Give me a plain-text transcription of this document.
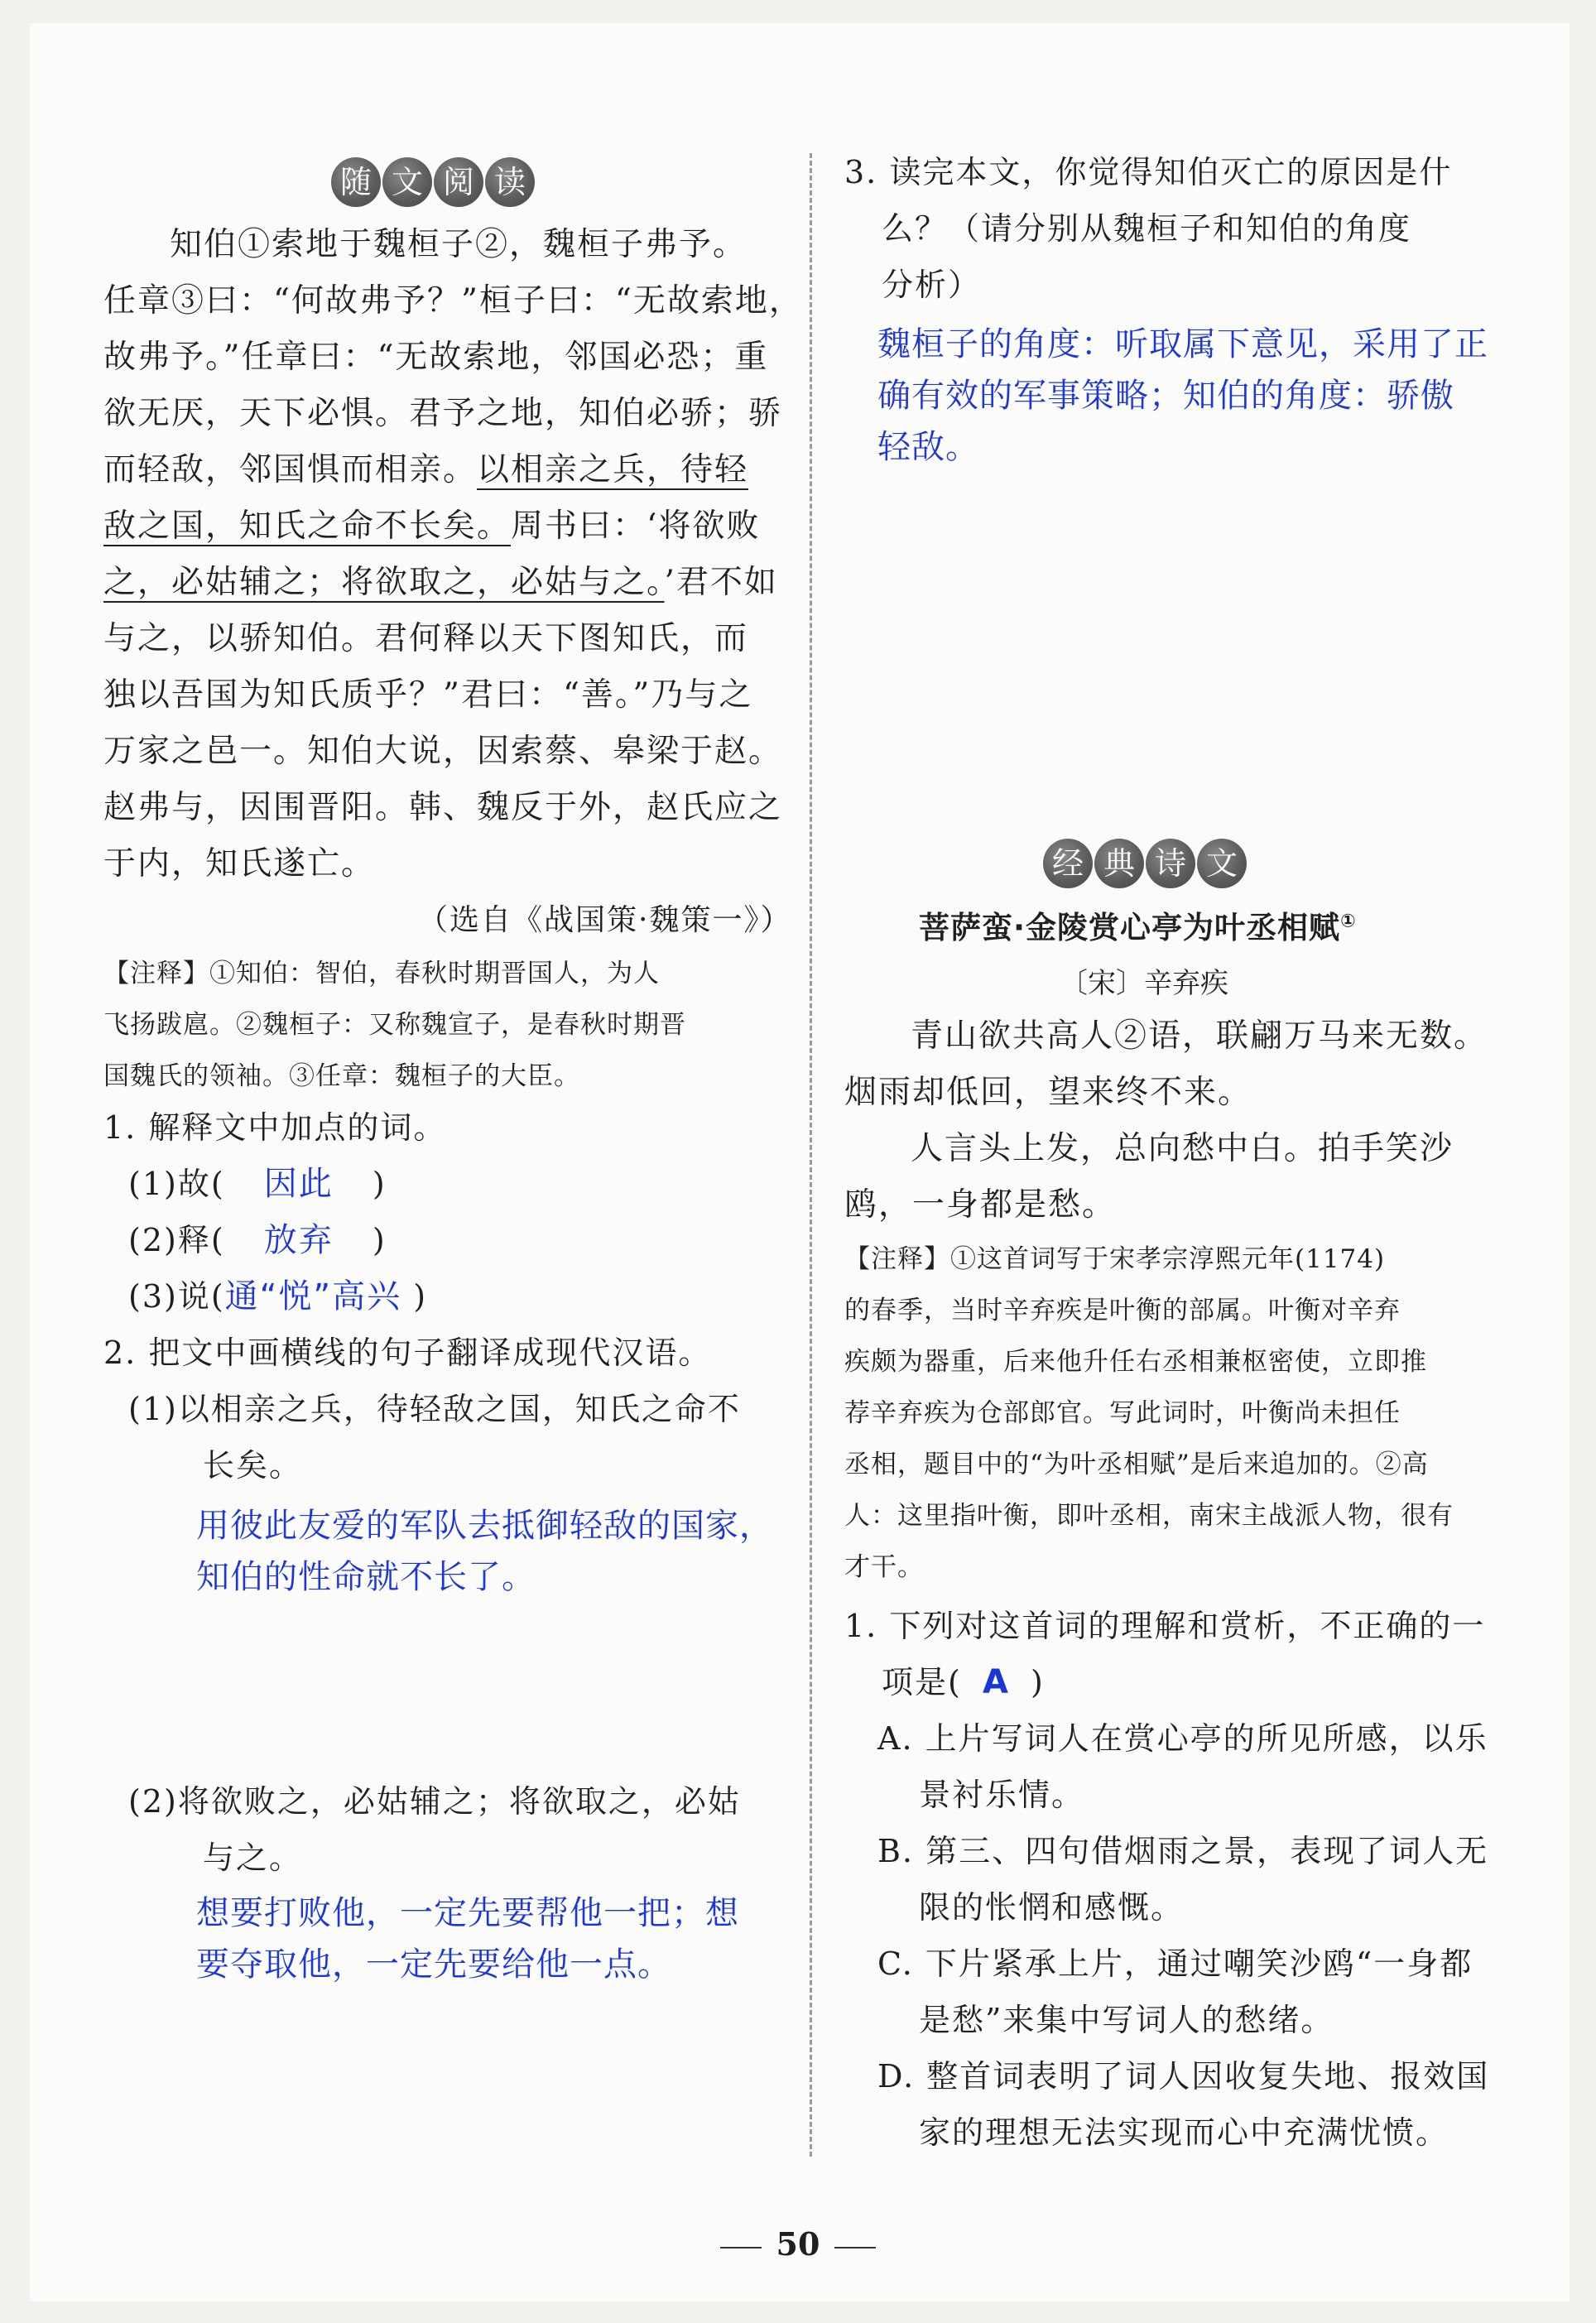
随 文 阅 读
知伯①索地于魏桓子②，魏桓子弗予。
任章③曰：“何故弗予？”桓子曰：“无故索地，
故弗予。”任章曰：“无故索地，邻国必恐；重
欲无厌，天下必惧。君予之地，知伯必骄；骄
而轻敌，邻国惧而相亲。以相亲之兵，待轻
敌之国，知氏之命不长矣。周书曰：‘将欲败
之，必姑辅之；将欲取之，必姑与之。’君不如
与之，以骄知伯。君何释以天下图知氏，而
独以吾国为知氏质乎？”君曰：“善。”乃与之
万家之邑一。知伯大说，因索蔡、皋梁于赵。
赵弗与，因围晋阳。韩、魏反于外，赵氏应之
于内，知氏遂亡。
（选自《战国策·魏策一》）
【注释】①知伯：智伯，春秋时期晋国人，为人
飞扬跋扈。②魏桓子：又称魏宣子，是春秋时期晋
国魏氏的领袖。③任章：魏桓子的大臣。
1. 解释文中加点的词。
(1)故( 因此 )
(2)释( 放弃 )
(3)说(通“悦”高兴 )
2. 把文中画横线的句子翻译成现代汉语。
(1)以相亲之兵，待轻敌之国，知氏之命不
长矣。
用彼此友爱的军队去抵御轻敌的国家，
知伯的性命就不长了。
(2)将欲败之，必姑辅之；将欲取之，必姑
与之。
想要打败他，一定先要帮他一把；想
要夺取他，一定先要给他一点。
3. 读完本文，你觉得知伯灭亡的原因是什
么？（请分别从魏桓子和知伯的角度
分析）
魏桓子的角度：听取属下意见，采用了正
确有效的军事策略；知伯的角度：骄傲
轻敌。
经 典 诗 文
菩萨蛮·金陵赏心亭为叶丞相赋①
〔宋〕辛弃疾
青山欲共高人②语，联翩万马来无数。
烟雨却低回，望来终不来。
人言头上发，总向愁中白。拍手笑沙
鸥，一身都是愁。
【注释】①这首词写于宋孝宗淳熙元年(1174)
的春季，当时辛弃疾是叶衡的部属。叶衡对辛弃
疾颇为器重，后来他升任右丞相兼枢密使，立即推
荐辛弃疾为仓部郎官。写此词时，叶衡尚未担任
丞相，题目中的“为叶丞相赋”是后来追加的。②高
人：这里指叶衡，即叶丞相，南宋主战派人物，很有
才干。
1. 下列对这首词的理解和赏析，不正确的一
项是( A )
A. 上片写词人在赏心亭的所见所感，以乐
景衬乐情。
B. 第三、四句借烟雨之景，表现了词人无
限的怅惘和感慨。
C. 下片紧承上片，通过嘲笑沙鸥“一身都
是愁”来集中写词人的愁绪。
D. 整首词表明了词人因收复失地、报效国
家的理想无法实现而心中充满忧愤。
50
